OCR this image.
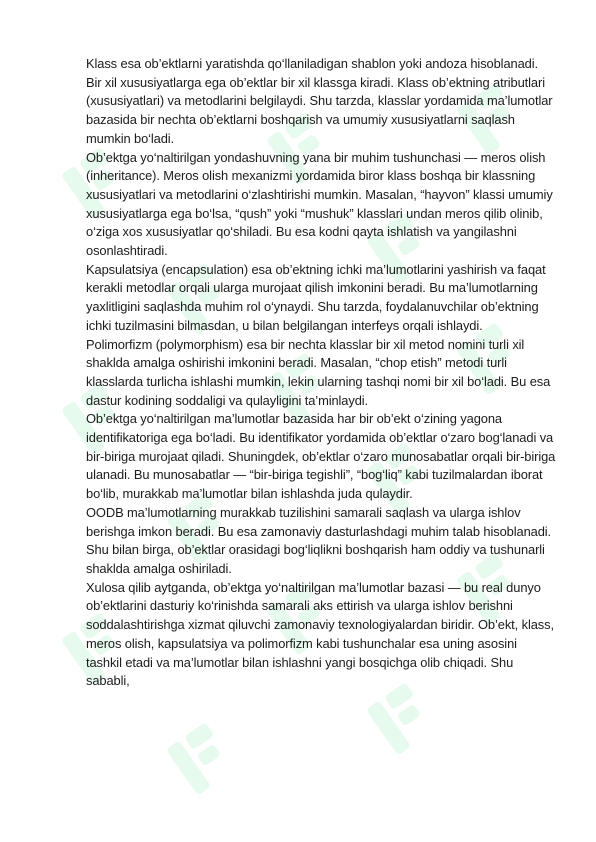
Klass esa ob’ektlarni yaratishda qo‘llaniladigan shablon yoki andoza hisoblanadi. Bir xil xususiyatlarga ega ob’ektlar bir xil klassga kiradi. Klass ob’ektning atributlari (xususiyatlari) va metodlarini belgilaydi. Shu tarzda, klasslar yordamida ma’lumotlar bazasida bir nechta ob’ektlarni boshqarish va umumiy xususiyatlarni saqlash mumkin bo‘ladi.

Ob’ektga yo‘naltirilgan yondashuvning yana bir muhim tushunchasi — meros olish (inheritance). Meros olish mexanizmi yordamida biror klass boshqa bir klassning xususiyatlari va metodlarini o‘zlashtirishi mumkin. Masalan, “hayvon” klassi umumiy xususiyatlarga ega bo‘lsa, “qush” yoki “mushuk” klasslari undan meros qilib olinib, o‘ziga xos xususiyatlar qo‘shiladi. Bu esa kodni qayta ishlatish va yangilashni osonlashtiradi.

Kapsulatsiya (encapsulation) esa ob’ektning ichki ma’lumotlarini yashirish va faqat kerakli metodlar orqali ularga murojaat qilish imkonini beradi. Bu ma’lumotlarning yaxlitligini saqlashda muhim rol o‘ynaydi. Shu tarzda, foydalanuvchilar ob’ektning ichki tuzilmasini bilmasdan, u bilan belgilangan interfeys orqali ishlaydi.

Polimorfizm (polymorphism) esa bir nechta klasslar bir xil metod nomini turli xil shaklda amalga oshirishi imkonini beradi. Masalan, “chop etish” metodi turli klasslarda turlicha ishlashi mumkin, lekin ularning tashqi nomi bir xil bo‘ladi. Bu esa dastur kodining soddaligi va qulayligini ta’minlaydi.

Ob’ektga yo‘naltirilgan ma’lumotlar bazasida har bir ob’ekt o‘zining yagona identifikatoriga ega bo‘ladi. Bu identifikator yordamida ob’ektlar o‘zaro bog‘lanadi va bir-biriga murojaat qiladi. Shuningdek, ob’ektlar o‘zaro munosabatlar orqali bir-biriga ulanadi. Bu munosabatlar — “bir-biriga tegishli”, “bog‘liq” kabi tuzilmalardan iborat bo‘lib, murakkab ma’lumotlar bilan ishlashda juda qulaydir.

OODB ma’lumotlarning murakkab tuzilishini samarali saqlash va ularga ishlov berishga imkon beradi. Bu esa zamonaviy dasturlashdagi muhim talab hisoblanadi. Shu bilan birga, ob’ektlar orasidagi bog‘liqlikni boshqarish ham oddiy va tushunarli shaklda amalga oshiriladi.

Xulosa qilib aytganda, ob’ektga yo‘naltirilgan ma’lumotlar bazasi — bu real dunyo ob’ektlarini dasturiy ko‘rinishda samarali aks ettirish va ularga ishlov berishni soddalashtirishga xizmat qiluvchi zamonaviy texnologiyalardan biridir. Ob’ekt, klass, meros olish, kapsulatsiya va polimorfizm kabi tushunchalar esa uning asosini tashkil etadi va ma’lumotlar bilan ishlashni yangi bosqichga olib chiqadi. Shu sababli,
